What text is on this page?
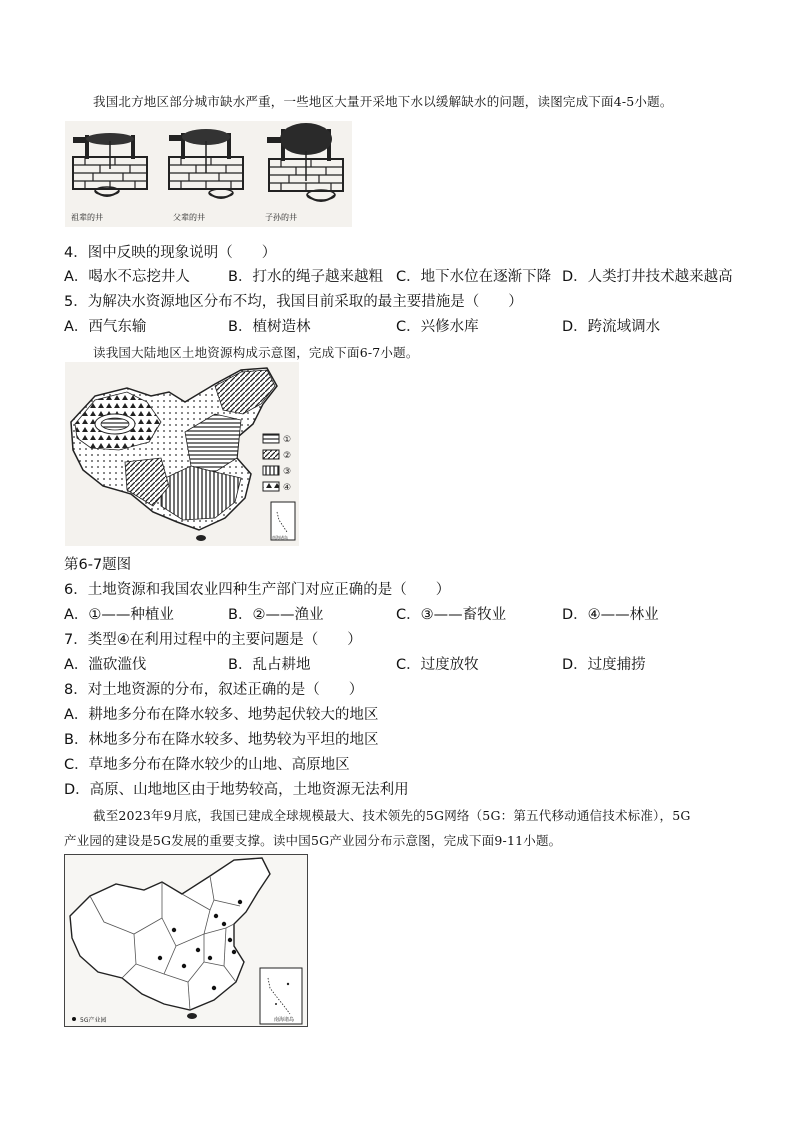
我国北方地区部分城市缺水严重，一些地区大量开采地下水以缓解缺水的问题，读图完成下面4-5小题。
祖辈的井	父辈的井	子孙的井
4．图中反映的现象说明（　　）
A．喝水不忘挖井人	B．打水的绳子越来越粗 C．地下水位在逐渐下降 D．人类打井技术越来越高
5．为解决水资源地区分布不均，我国目前采取的最主要措施是（　　）
A．西气东输	B．植树造林	C．兴修水库	D．跨流域调水
读我国大陆地区土地资源构成示意图，完成下面6-7小题。
①
②
③
④
南海诸岛
第6-7题图
6．土地资源和我国农业四种生产部门对应正确的是（　　）
A．①——种植业	B．②——渔业	C．③——畜牧业	D．④——林业
7．类型④在利用过程中的主要问题是（　　）
A．滥砍滥伐	B．乱占耕地	C．过度放牧	D．过度捕捞
8．对土地资源的分布，叙述正确的是（　　）
A．耕地多分布在降水较多、地势起伏较大的地区
B．林地多分布在降水较多、地势较为平坦的地区
C．草地多分布在降水较少的山地、高原地区
D．高原、山地地区由于地势较高，土地资源无法利用
截至2023年9月底，我国已建成全球规模最大、技术领先的5G网络（5G：第五代移动通信技术标准），5G
产业园的建设是5G发展的重要支撑。读中国5G产业园分布示意图，完成下面9-11小题。
5G产业园	南海诸岛
